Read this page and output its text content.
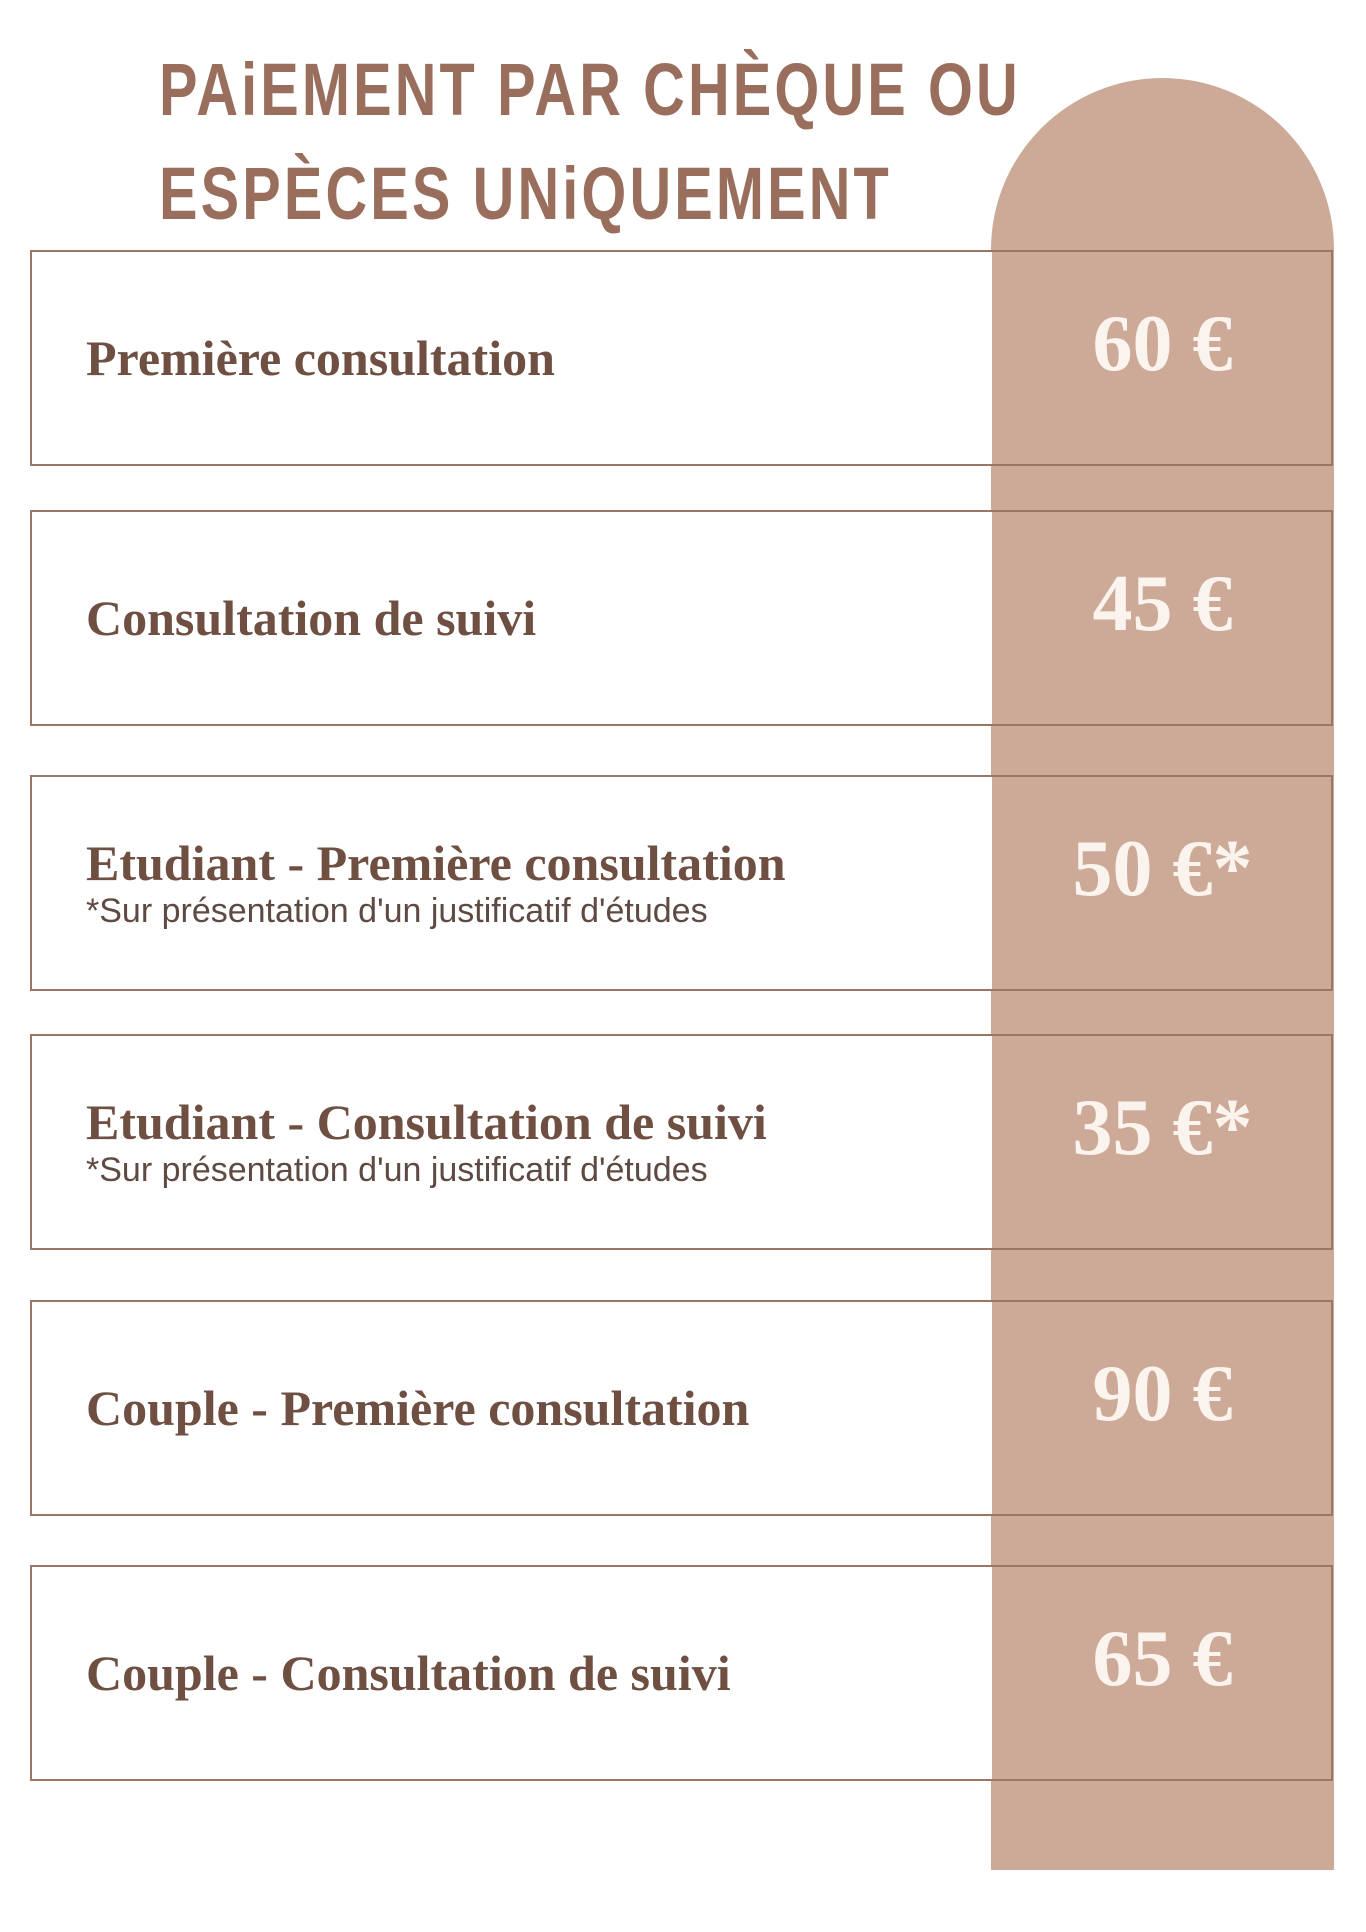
PAiEMENT PAR CHÈQUE OU
ESPÈCES UNiQUEMENT
Première consultation	60 €
Consultation de suivi	45 €
Etudiant - Première consultation
*Sur présentation d'un justificatif d'études	50 €*
Etudiant - Consultation de suivi
*Sur présentation d'un justificatif d'études	35 €*
Couple - Première consultation	90 €
Couple - Consultation de suivi	65 €
